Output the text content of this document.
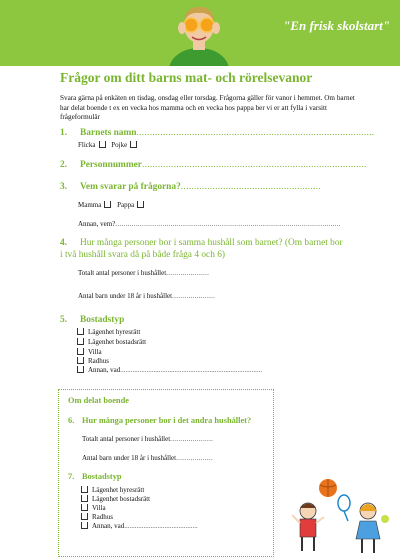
"En frisk skolstart"
Frågor om ditt barns mat- och rörelsevanor
Svara gärna på enkäten en tisdag, onsdag eller torsdag. Frågorna gäller för vanor i hemmet. Om barnet har delat boende t ex en vecka hos mamma och en vecka hos pappa ber vi er att fylla i varsitt frågeformulär
1. Barnets namn..........................................................................................
Flicka Pojke
2. Personnummer.....................................................................................
3. Vem svarar på frågorna?.....................................................
Mamma Pappa
Annan, vem?..............................................................................................................
4. Hur många personer bor i samma hushåll som barnet? (Om barnet bor i två hushåll svara då på både fråga 4 och 6)
Totalt antal personer i hushållet.....................
Antal barn under 18 år i hushållet.....................
5. Bostadstyp
Lägenhet hyresrätt
Lägenhet bostadsrätt
Villa
Radhus
Annan, vad.................................................................................
Om delat boende
6. Hur många personer bor i det andra hushållet?
Totalt antal personer i hushållet.....................
Antal barn under 18 år i hushållet..................
7. Bostadstyp
Lägenhet hyresrätt
Lägenhet bostadsrätt
Villa
Radhus
Annan, vad..........................................
